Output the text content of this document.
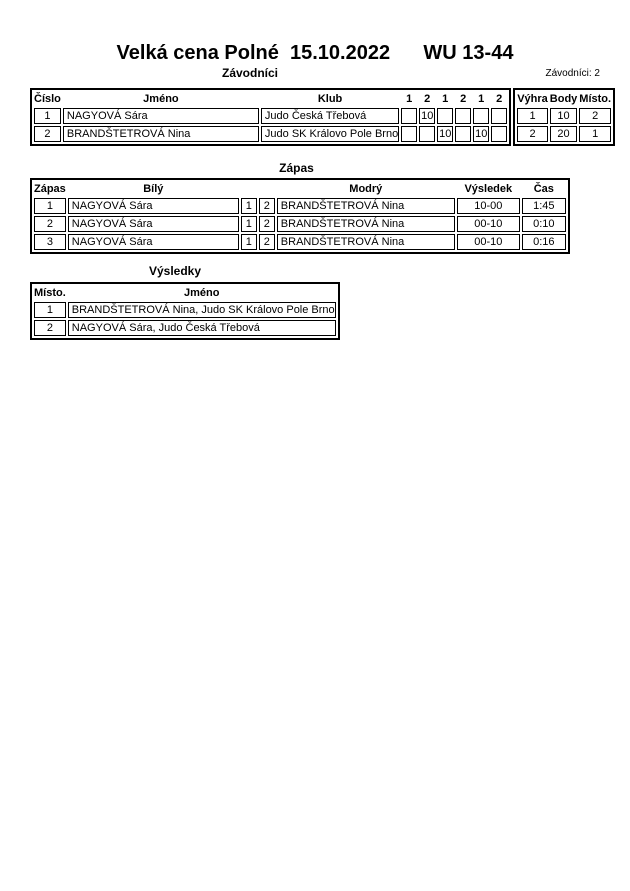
Velká cena Polné  15.10.2022      WU 13-44
Závodníci	Závodníci: 2
Číslo	Jméno	Klub	1	2	1	2	1	2
1	NAGYOVÁ Sára	Judo Česká Třebová		10				
2	BRANDŠTETROVÁ Nina	Judo SK Královo Pole Brno			10		10	
Výhra	Body	Místo.
1	10	2
2	20	1
Zápas
Zápas	Bílý			Modrý	Výsledek	Čas
1	NAGYOVÁ Sára	1	2	BRANDŠTETROVÁ Nina	10-00	1:45
2	NAGYOVÁ Sára	1	2	BRANDŠTETROVÁ Nina	00-10	0:10
3	NAGYOVÁ Sára	1	2	BRANDŠTETROVÁ Nina	00-10	0:16
Výsledky
Místo.	Jméno
1	BRANDŠTETROVÁ Nina, Judo SK Královo Pole Brno
2	NAGYOVÁ Sára, Judo Česká Třebová
